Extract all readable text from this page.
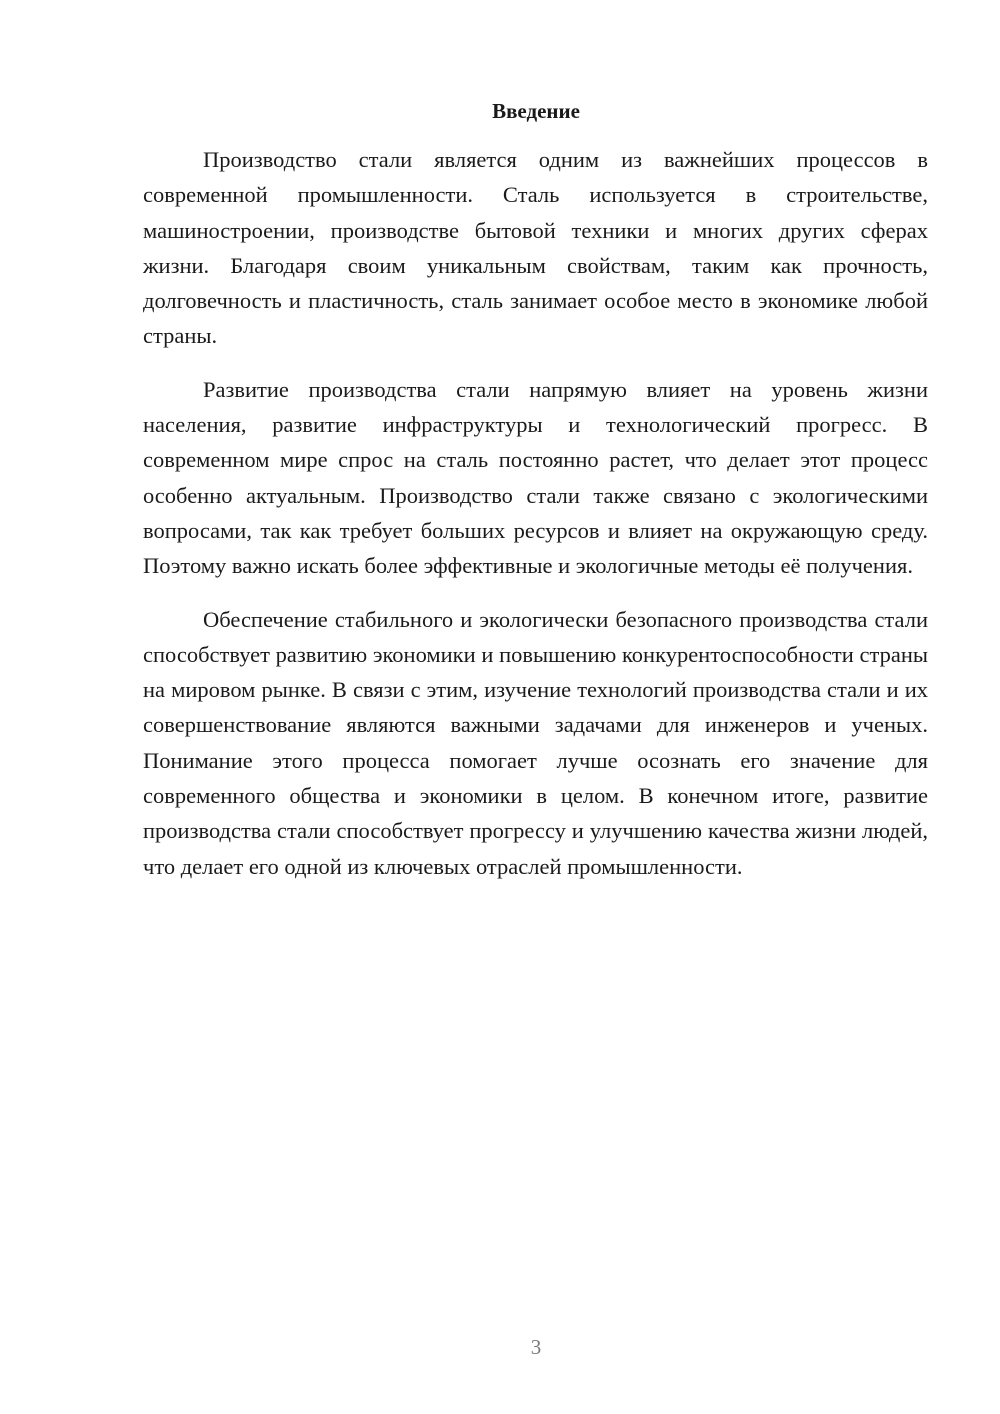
Введение

Производство стали является одним из важнейших процессов в современной промышленности. Сталь используется в строительстве, машиностроении, производстве бытовой техники и многих других сферах жизни. Благодаря своим уникальным свойствам, таким как прочность, долговечность и пластичность, сталь занимает особое место в экономике любой страны.

Развитие производства стали напрямую влияет на уровень жизни населения, развитие инфраструктуры и технологический прогресс. В современном мире спрос на сталь постоянно растет, что делает этот процесс особенно актуальным. Производство стали также связано с экологическими вопросами, так как требует больших ресурсов и влияет на окружающую среду. Поэтому важно искать более эффективные и экологичные методы её получения.

Обеспечение стабильного и экологически безопасного производства стали способствует развитию экономики и повышению конкурентоспособности страны на мировом рынке. В связи с этим, изучение технологий производства стали и их совершенствование являются важными задачами для инженеров и ученых. Понимание этого процесса помогает лучше осознать его значение для современного общества и экономики в целом. В конечном итоге, развитие производства стали способствует прогрессу и улучшению качества жизни людей, что делает его одной из ключевых отраслей промышленности.

3
